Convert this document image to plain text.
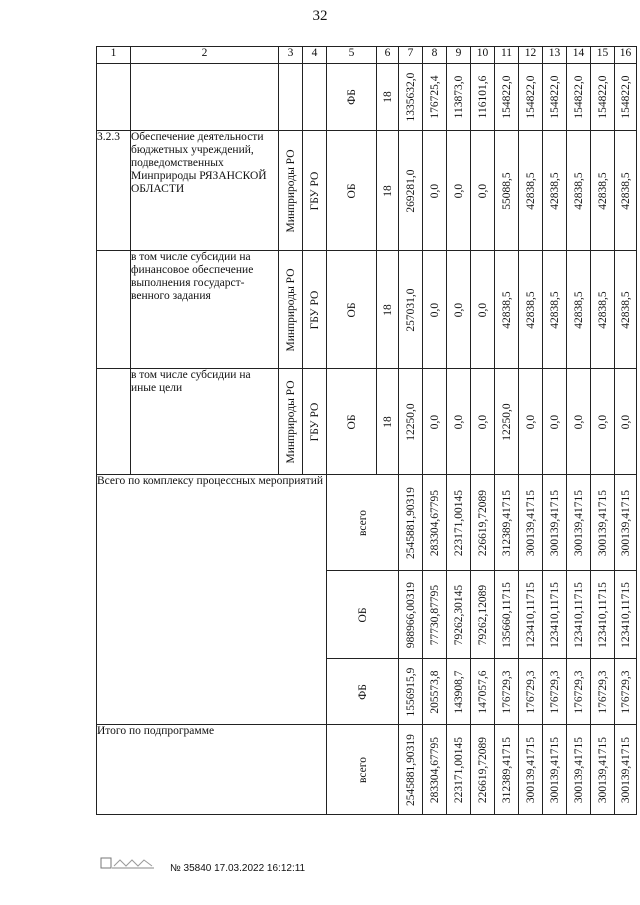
32
1	2	3	4	5	6	7	8	9	10	11	12	13	14	15	16

				ФБ	18	1335632,0	176725,4	113873,0	116101,6	154822,0	154822,0	154822,0	154822,0	154822,0	154822,0

3.2.3	Обеспечение деятельности бюджетных учреждений, подведомственных Минприроды РЯЗАНСКОЙ ОБЛАСТИ	Минприроды РО	ГБУ РО	ОБ	18	269281,0	0,0	0,0	0,0	55088,5	42838,5	42838,5	42838,5	42838,5	42838,5

	в том числе субсидии на финансовое обеспечение выполнения государст-венного задания	Минприроды РО	ГБУ РО	ОБ	18	257031,0	0,0	0,0	0,0	42838,5	42838,5	42838,5	42838,5	42838,5	42838,5

	в том числе субсидии на иные цели	Минприроды РО	ГБУ РО	ОБ	18	12250,0	0,0	0,0	0,0	12250,0	0,0	0,0	0,0	0,0	0,0

Всего по комплексу процессных мероприятий				всего		2545881,90319	283304,67795	223171,00145	226619,72089	312389,41715	300139,41715	300139,41715	300139,41715	300139,41715	300139,41715

				ОБ		988966,00319	77730,87795	79262,30145	79262,12089	135660,11715	123410,11715	123410,11715	123410,11715	123410,11715	123410,11715

				ФБ		1556915,9	205573,8	143908,7	147057,6	176729,3	176729,3	176729,3	176729,3	176729,3	176729,3

Итого по подпрограмме				всего		2545881,90319	283304,67795	223171,00145	226619,72089	312389,41715	300139,41715	300139,41715	300139,41715	300139,41715	300139,41715
№ 35840 17.03.2022 16:12:11
